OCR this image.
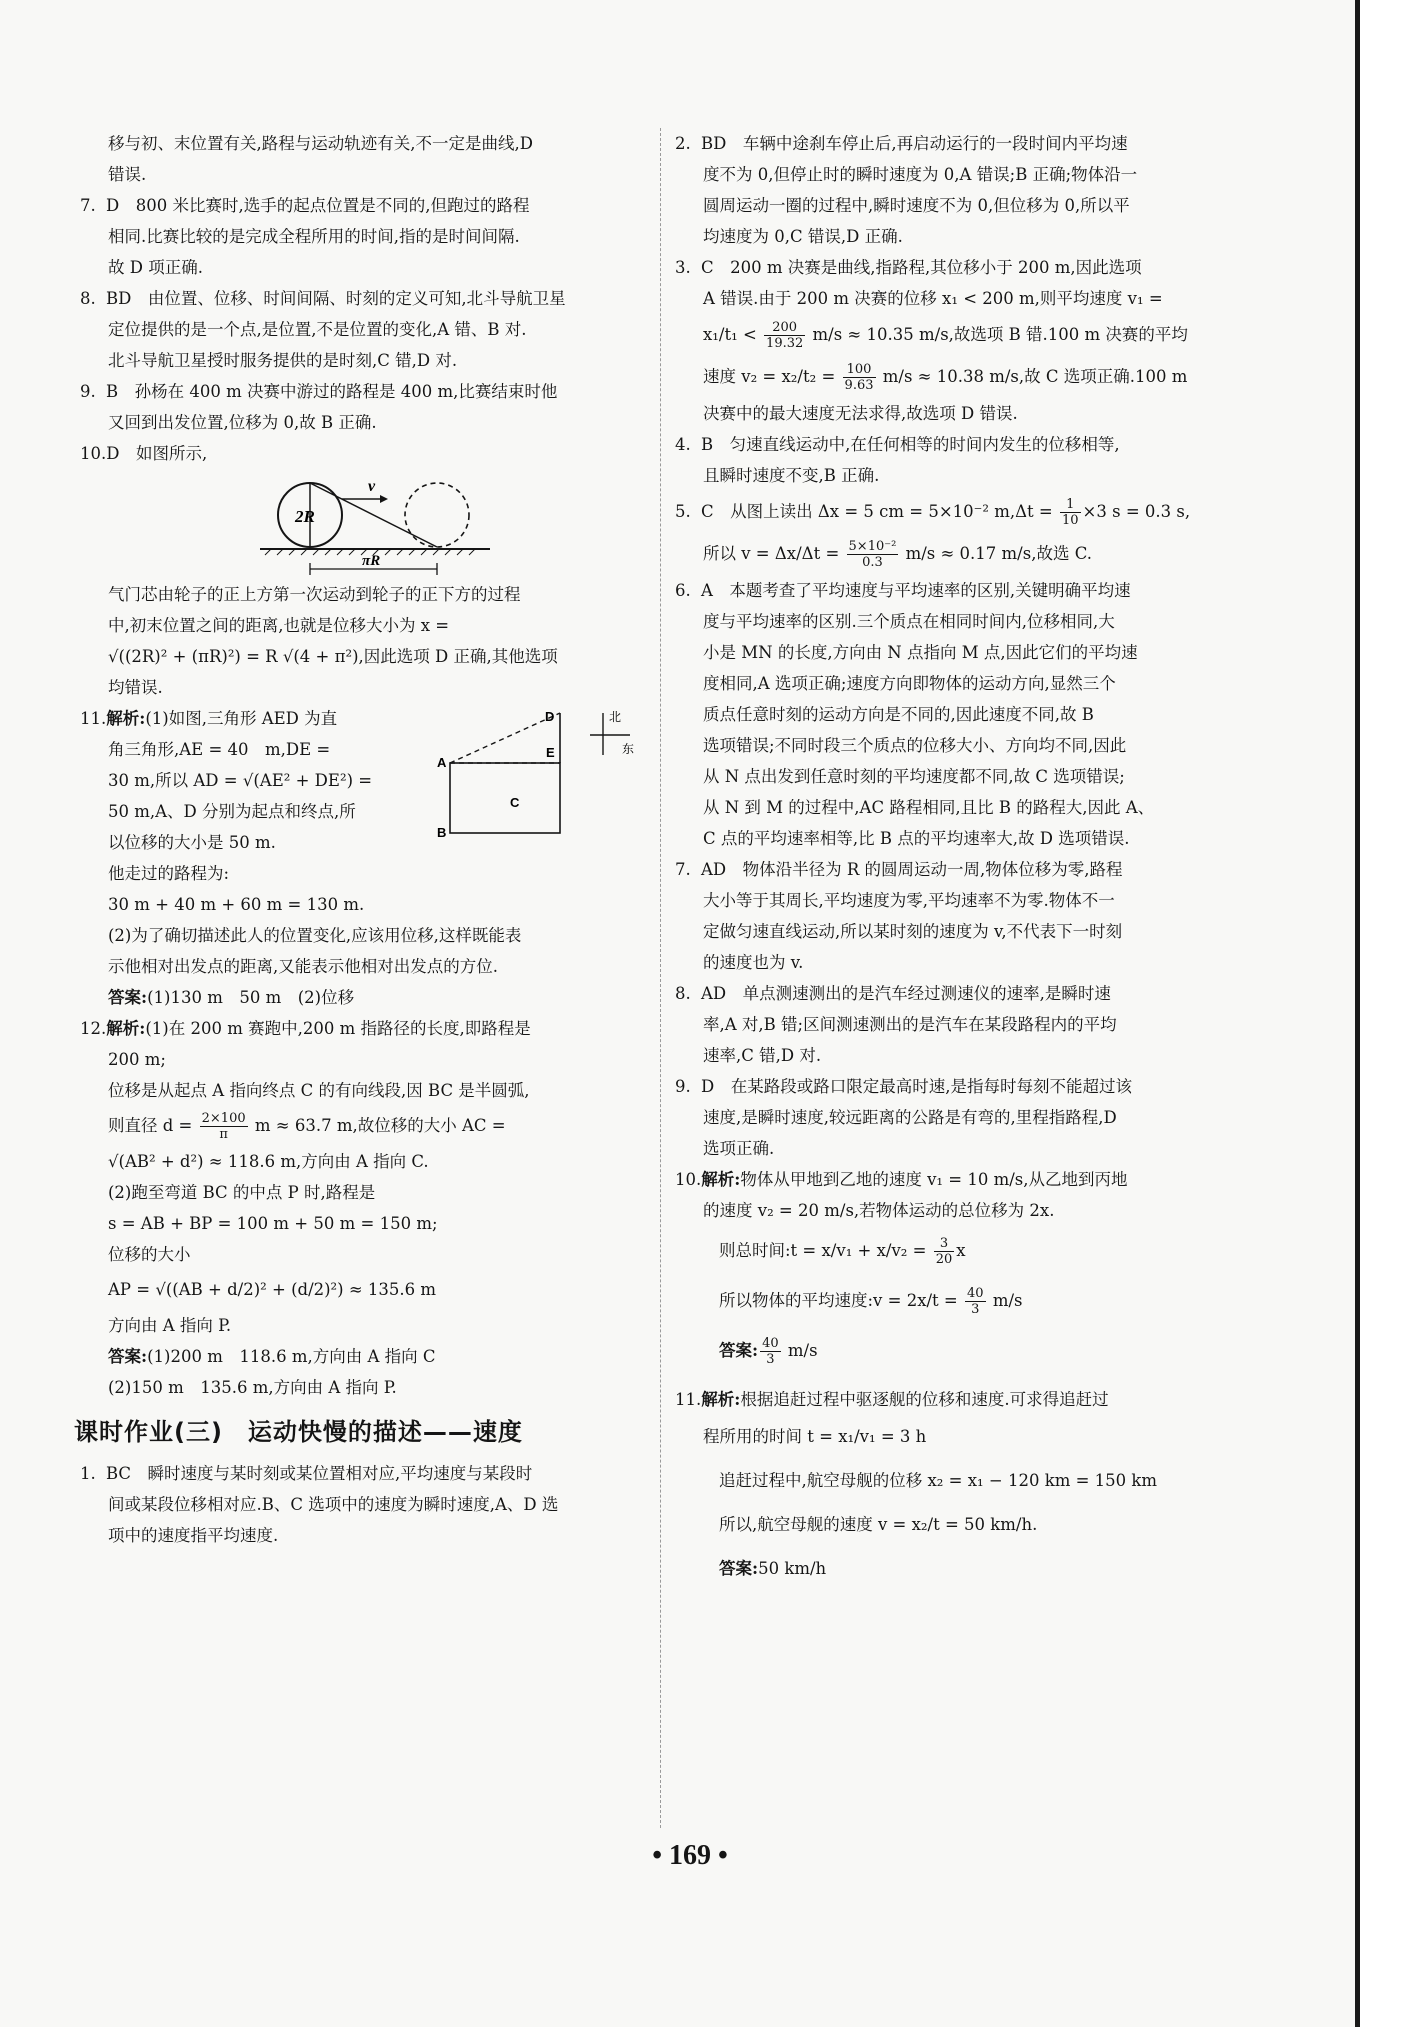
移与初、末位置有关,路程与运动轨迹有关,不一定是曲线,D

错误.

7. D　800 米比赛时,选手的起点位置是不同的,但跑过的路程

相同.比赛比较的是完成全程所用的时间,指的是时间间隔.

故 D 项正确.

8. BD　由位置、位移、时间间隔、时刻的定义可知,北斗导航卫星

定位提供的是一个点,是位置,不是位置的变化,A 错、B 对.

北斗导航卫星授时服务提供的是时刻,C 错,D 对.

9. B　孙杨在 400 m 决赛中游过的路程是 400 m,比赛结束时他

又回到出发位置,位移为 0,故 B 正确.

10.D　如图所示,

2R
v
πR

气门芯由轮子的正上方第一次运动到轮子的正下方的过程

中,初末位置之间的距离,也就是位移大小为 x =

√((2R)² + (πR)²) = R √(4 + π²),因此选项 D 正确,其他选项

均错误.

11.解析:(1)如图,三角形 AED 为直

角三角形,AE = 40　m,DE =

30 m,所以 AD = √(AE² + DE²) =

50 m,A、D 分别为起点和终点,所

以位移的大小是 50 m.

D
E
A
B
C
北
东

他走过的路程为:

30 m + 40 m + 60 m = 130 m.

(2)为了确切描述此人的位置变化,应该用位移,这样既能表

示他相对出发点的距离,又能表示他相对出发点的方位.

答案:(1)130 m　50 m　(2)位移

12.解析:(1)在 200 m 赛跑中,200 m 指路径的长度,即路程是

200 m;

位移是从起点 A 指向终点 C 的有向线段,因 BC 是半圆弧,

则直径 $d = \frac{2\times 100}{\pi}$ m ≈ 63.7 m,故位移的大小 AC =

√(AB² + d²) ≈ 118.6 m,方向由 A 指向 C.

(2)跑至弯道 BC 的中点 P 时,路程是

s = AB + BP = 100 m + 50 m = 150 m;

位移的大小

AP = √((AB + d/2)² + (d/2)²) ≈ 135.6 m

方向由 A 指向 P.

答案:(1)200 m　118.6 m,方向由 A 指向 C

(2)150 m　135.6 m,方向由 A 指向 P.

课时作业(三)　运动快慢的描述——速度

1. BC　瞬时速度与某时刻或某位置相对应,平均速度与某段时

间或某段位移相对应.B、C 选项中的速度为瞬时速度,A、D 选

项中的速度指平均速度.

2. BD　车辆中途刹车停止后,再启动运行的一段时间内平均速

度不为 0,但停止时的瞬时速度为 0,A 错误;B 正确;物体沿一

圆周运动一圈的过程中,瞬时速度不为 0,但位移为 0,所以平

均速度为 0,C 错误,D 正确.

3. C　200 m 决赛是曲线,指路程,其位移小于 200 m,因此选项

A 错误.由于 200 m 决赛的位移 x₁ < 200 m,则平均速度 v₁ =

$x_1/t_1 < \frac{200}{19.32} m/s \approx 10.35$ m/s,故选项 B 错.100 m 决赛的平均

速度 $v_2 = x_2/t_2 = \frac{100}{9.63} m/s \approx 10.38$ m/s,故 C 选项正确.100 m

决赛中的最大速度无法求得,故选项 D 错误.

4. B　匀速直线运动中,在任何相等的时间内发生的位移相等,

且瞬时速度不变,B 正确.

5. C　从图上读出 Δx = 5 cm = 5×10⁻² $m,\Delta t = \frac{1}{10} \times 3$ s = 0.3 s,

所以 $v = \Delta x/\Delta t = \frac{\text{5×10⁻²}}{0.3} m/s \approx 0.17$ m/s,故选 C.

6. A　本题考查了平均速度与平均速率的区别,关键明确平均速

度与平均速率的区别.三个质点在相同时间内,位移相同,大

小是 MN 的长度,方向由 N 点指向 M 点,因此它们的平均速

度相同,A 选项正确;速度方向即物体的运动方向,显然三个

质点任意时刻的运动方向是不同的,因此速度不同,故 B

选项错误;不同时段三个质点的位移大小、方向均不同,因此

从 N 点出发到任意时刻的平均速度都不同,故 C 选项错误;

从 N 到 M 的过程中,AC 路程相同,且比 B 的路程大,因此 A、

C 点的平均速率相等,比 B 点的平均速率大,故 D 选项错误.

7. AD　物体沿半径为 R 的圆周运动一周,物体位移为零,路程

大小等于其周长,平均速度为零,平均速率不为零.物体不一

定做匀速直线运动,所以某时刻的速度为 v,不代表下一时刻

的速度也为 v.

8. AD　单点测速测出的是汽车经过测速仪的速率,是瞬时速

率,A 对,B 错;区间测速测出的是汽车在某段路程内的平均

速率,C 错,D 对.

9. D　在某路段或路口限定最高时速,是指每时每刻不能超过该

速度,是瞬时速度,较远距离的公路是有弯的,里程指路程,D

选项正确.

10.解析:物体从甲地到乙地的速度 v₁ = 10 m/s,从乙地到丙地

的速度 v₂ = 20 m/s,若物体运动的总位移为 2x.

则总时间:t = $x/v_1 + x/v_2 = \frac{3}{20}$ x

所以物体的平均速度:v = $2x/t = \frac{40}{3} m/s$

答案: $\frac{40}{3} m/s$

11.解析:根据追赶过程中驱逐舰的位移和速度.可求得追赶过

程所用的时间 t = x₁/v₁ = 3 h

追赶过程中,航空母舰的位移 x₂ = x₁ − 120 km = 150 km

所以,航空母舰的速度 v = x₂/t = 50 km/h.

答案:50 km/h

• 169 •
